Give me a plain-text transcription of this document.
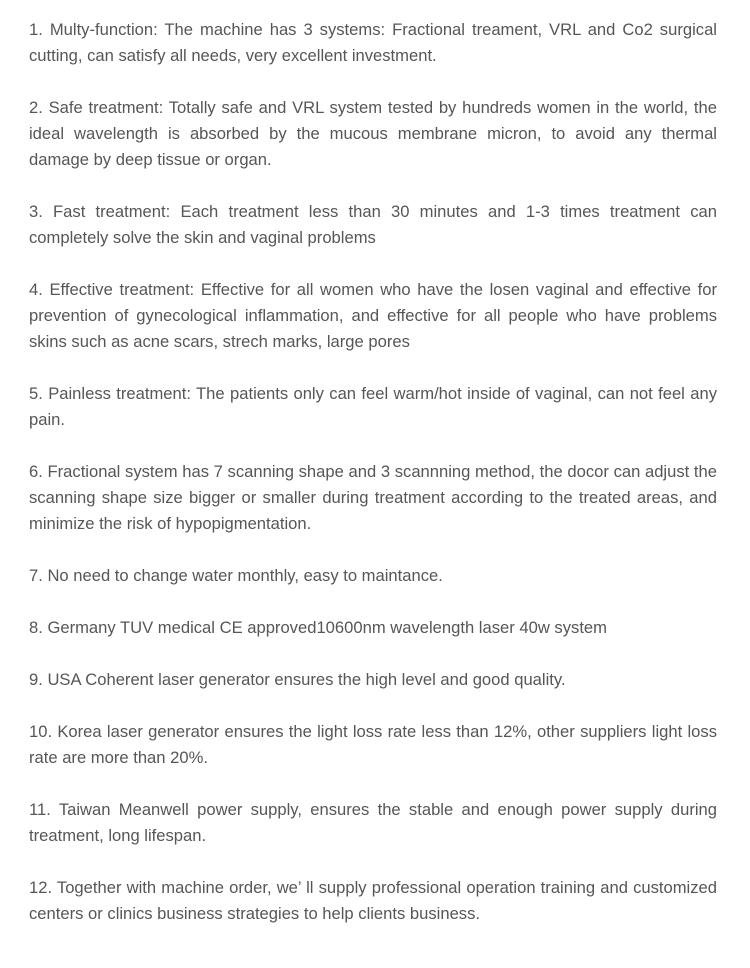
1. Multy-function: The machine has 3 systems: Fractional treament, VRL and Co2 surgical cutting, can satisfy all needs, very excellent investment.

2. Safe treatment: Totally safe and VRL system tested by hundreds women in the world, the ideal wavelength is absorbed by the mucous membrane micron, to avoid any thermal damage by deep tissue or organ.

3. Fast treatment: Each treatment less than 30 minutes and 1-3 times treatment can completely solve the skin and vaginal problems

4. Effective treatment: Effective for all women who have the losen vaginal and effective for prevention of gynecological inflammation, and effective for all people who have problems skins such as acne scars, strech marks, large pores

5. Painless treatment: The patients only can feel warm/hot inside of vaginal, can not feel any pain.

6. Fractional system has 7 scanning shape and 3 scannning method, the docor can adjust the scanning shape size bigger or smaller during treatment according to the treated areas, and minimize the risk of hypopigmentation.

7. No need to change water monthly, easy to maintance.

8. Germany TUV medical CE approved10600nm wavelength laser 40w system

9. USA Coherent laser generator ensures the high level and good quality.

10. Korea laser generator ensures the light loss rate less than 12%, other suppliers light loss rate are more than 20%.

11. Taiwan Meanwell power supply, ensures the stable and enough power supply during treatment, long lifespan.

12. Together with machine order, we’ ll supply professional operation training and customized centers or clinics business strategies to help clients business.
